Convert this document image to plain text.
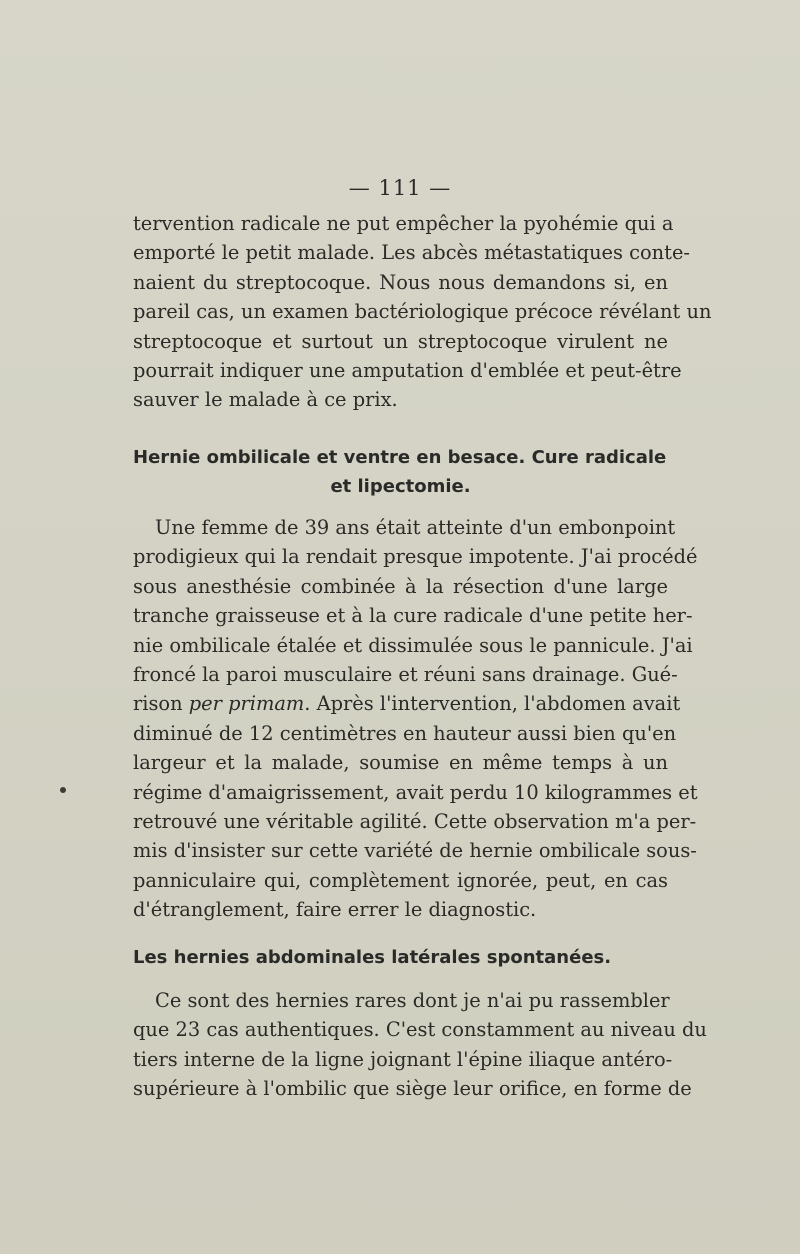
— 111 —
tervention radicale ne put empêcher la pyohémie qui a
emporté le petit malade. Les abcès métastatiques conte-
naient du streptocoque. Nous nous demandons si, en
pareil cas, un examen bactériologique précoce révélant un
streptocoque et surtout un streptocoque virulent ne
pourrait indiquer une amputation d'emblée et peut-être
sauver le malade à ce prix.
Hernie ombilicale et ventre en besace. Cure radicale
et lipectomie.
Une femme de 39 ans était atteinte d'un embonpoint
prodigieux qui la rendait presque impotente. J'ai procédé
sous anesthésie combinée à la résection d'une large
tranche graisseuse et à la cure radicale d'une petite her-
nie ombilicale étalée et dissimulée sous le pannicule. J'ai
froncé la paroi musculaire et réuni sans drainage. Gué-
rison per primam. Après l'intervention, l'abdomen avait
diminué de 12 centimètres en hauteur aussi bien qu'en
largeur et la malade, soumise en même temps à un
régime d'amaigrissement, avait perdu 10 kilogrammes et
retrouvé une véritable agilité. Cette observation m'a per-
mis d'insister sur cette variété de hernie ombilicale sous-
panniculaire qui, complètement ignorée, peut, en cas
d'étranglement, faire errer le diagnostic.
Les hernies abdominales latérales spontanées.
Ce sont des hernies rares dont je n'ai pu rassembler
que 23 cas authentiques. C'est constamment au niveau du
tiers interne de la ligne joignant l'épine iliaque antéro-
supérieure à l'ombilic que siège leur orifice, en forme de
